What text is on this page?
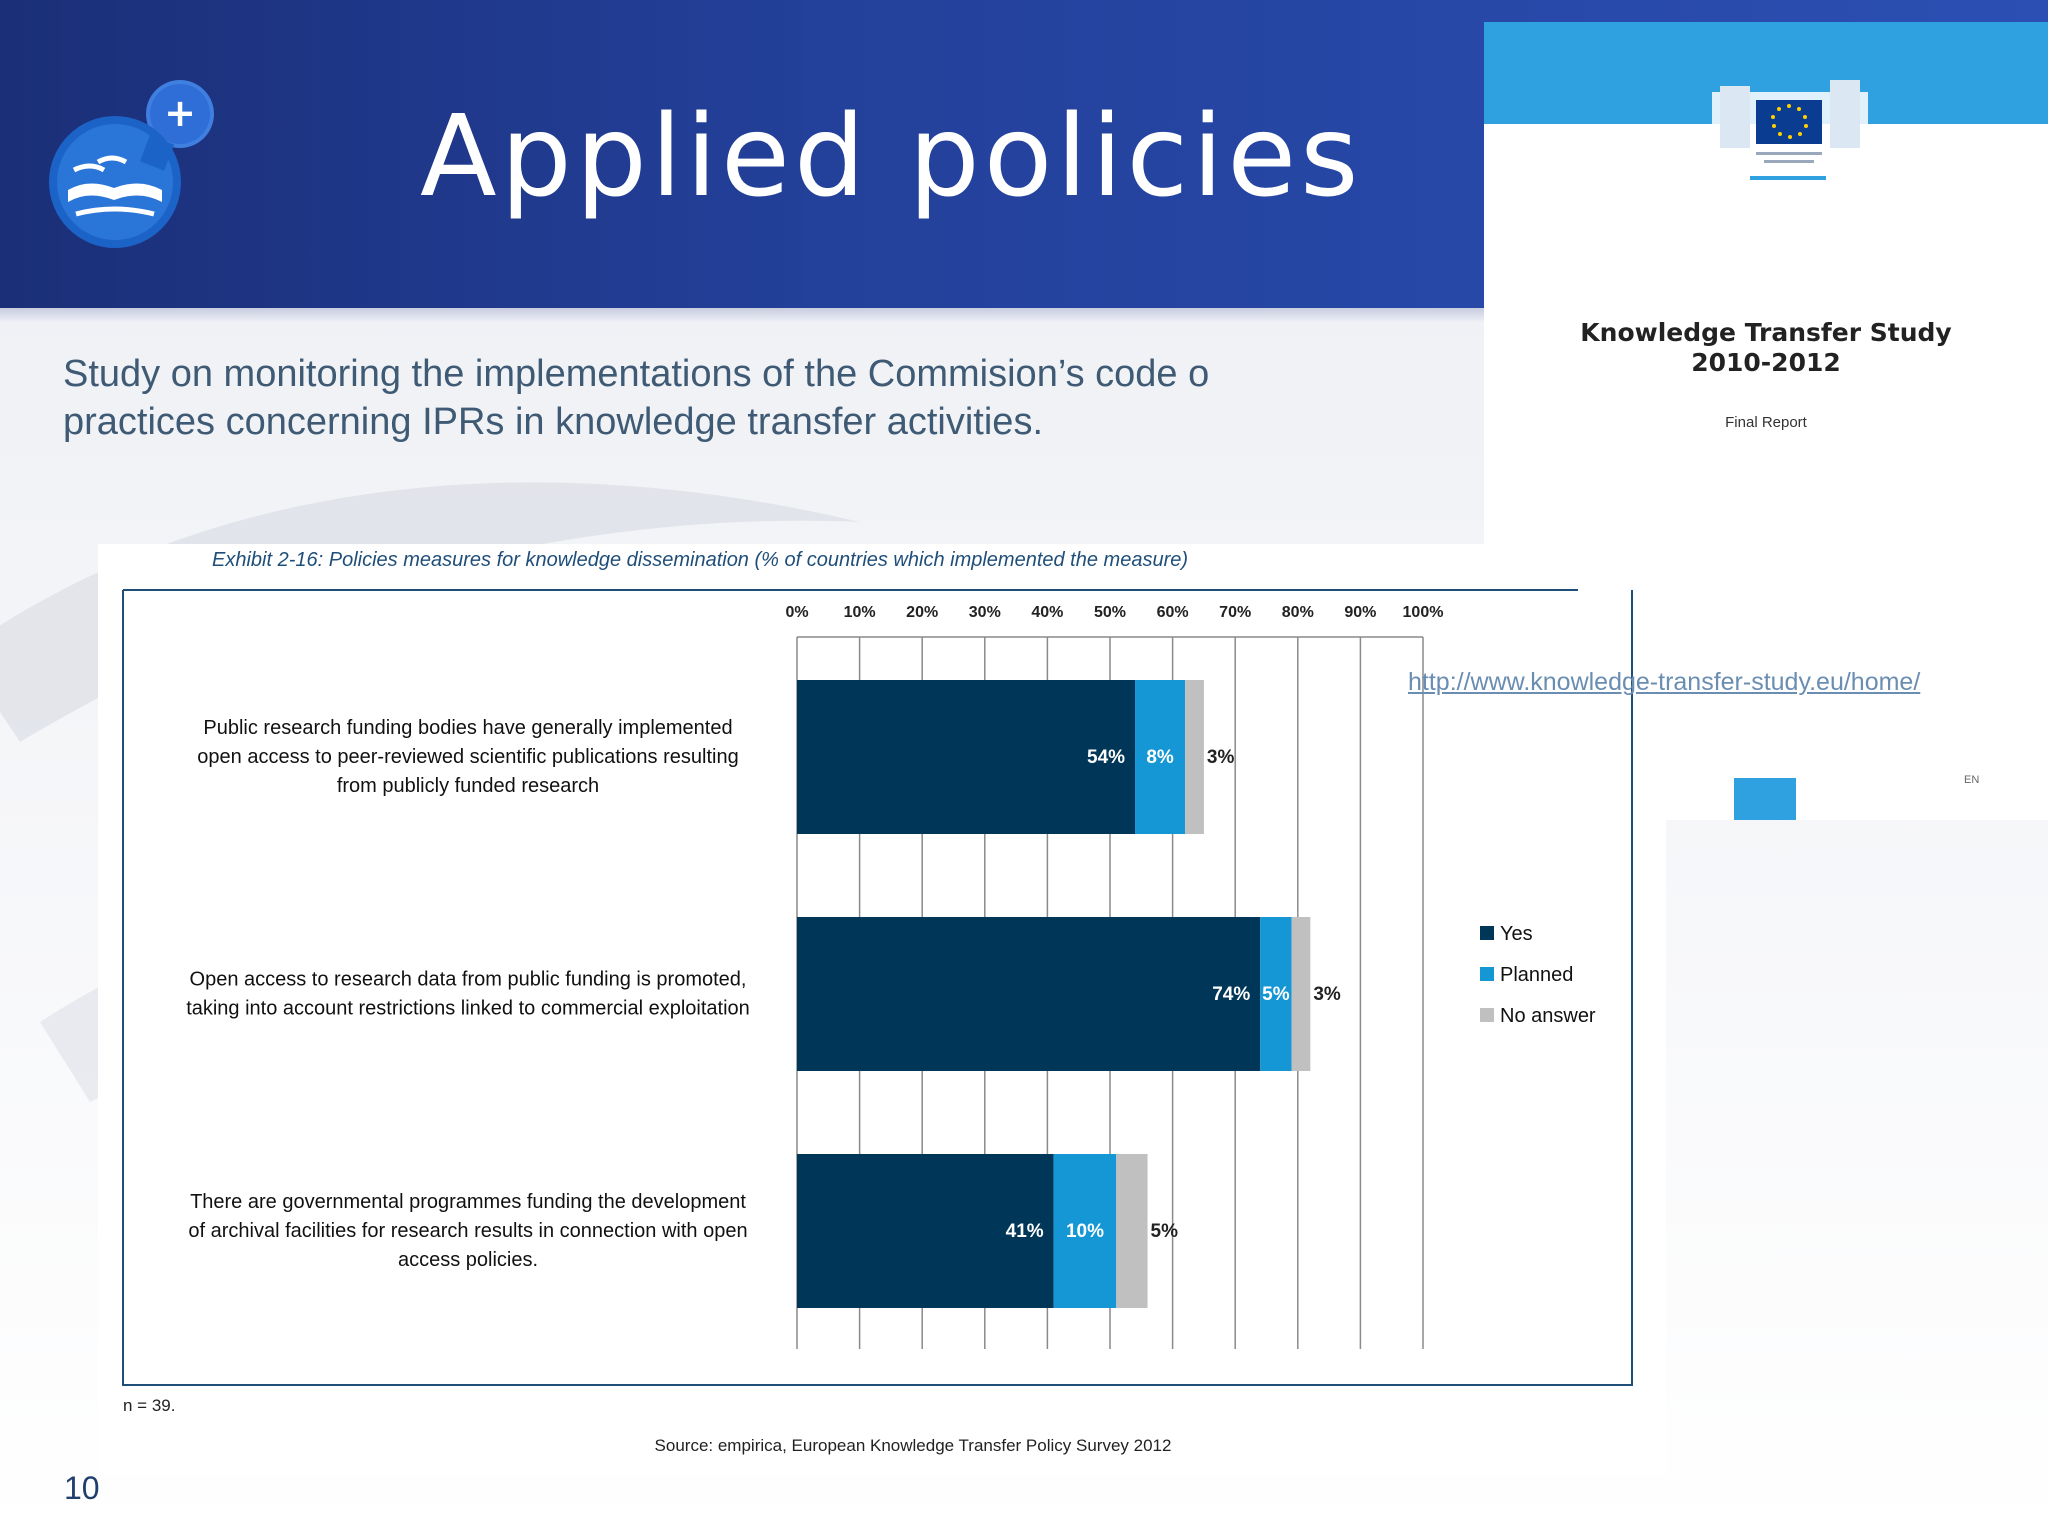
+ Applied policies
Study on monitoring the implementations of the Commision’s code o
practices concerning IPRs in knowledge transfer activities.
Knowledge Transfer Study
2010-2012
Final Report
EN
Exhibit 2-16: Policies measures for knowledge dissemination (% of countries which implemented the measure)
0% 10% 20% 30% 40% 50% 60% 70% 80% 90% 100%
Public research funding bodies have generally implemented
open access to peer-reviewed scientific publications resulting
from publicly funded research
54% 8% 3%
Open access to research data from public funding is promoted,
taking into account restrictions linked to commercial exploitation
74% 5% 3%
There are governmental programmes funding the development
of archival facilities for research results in connection with open
access policies.
41% 10% 5%
Yes
Planned
No answer
n = 39.
Source: empirica, European Knowledge Transfer Policy Survey 2012
http://www.knowledge-transfer-study.eu/home/
10
